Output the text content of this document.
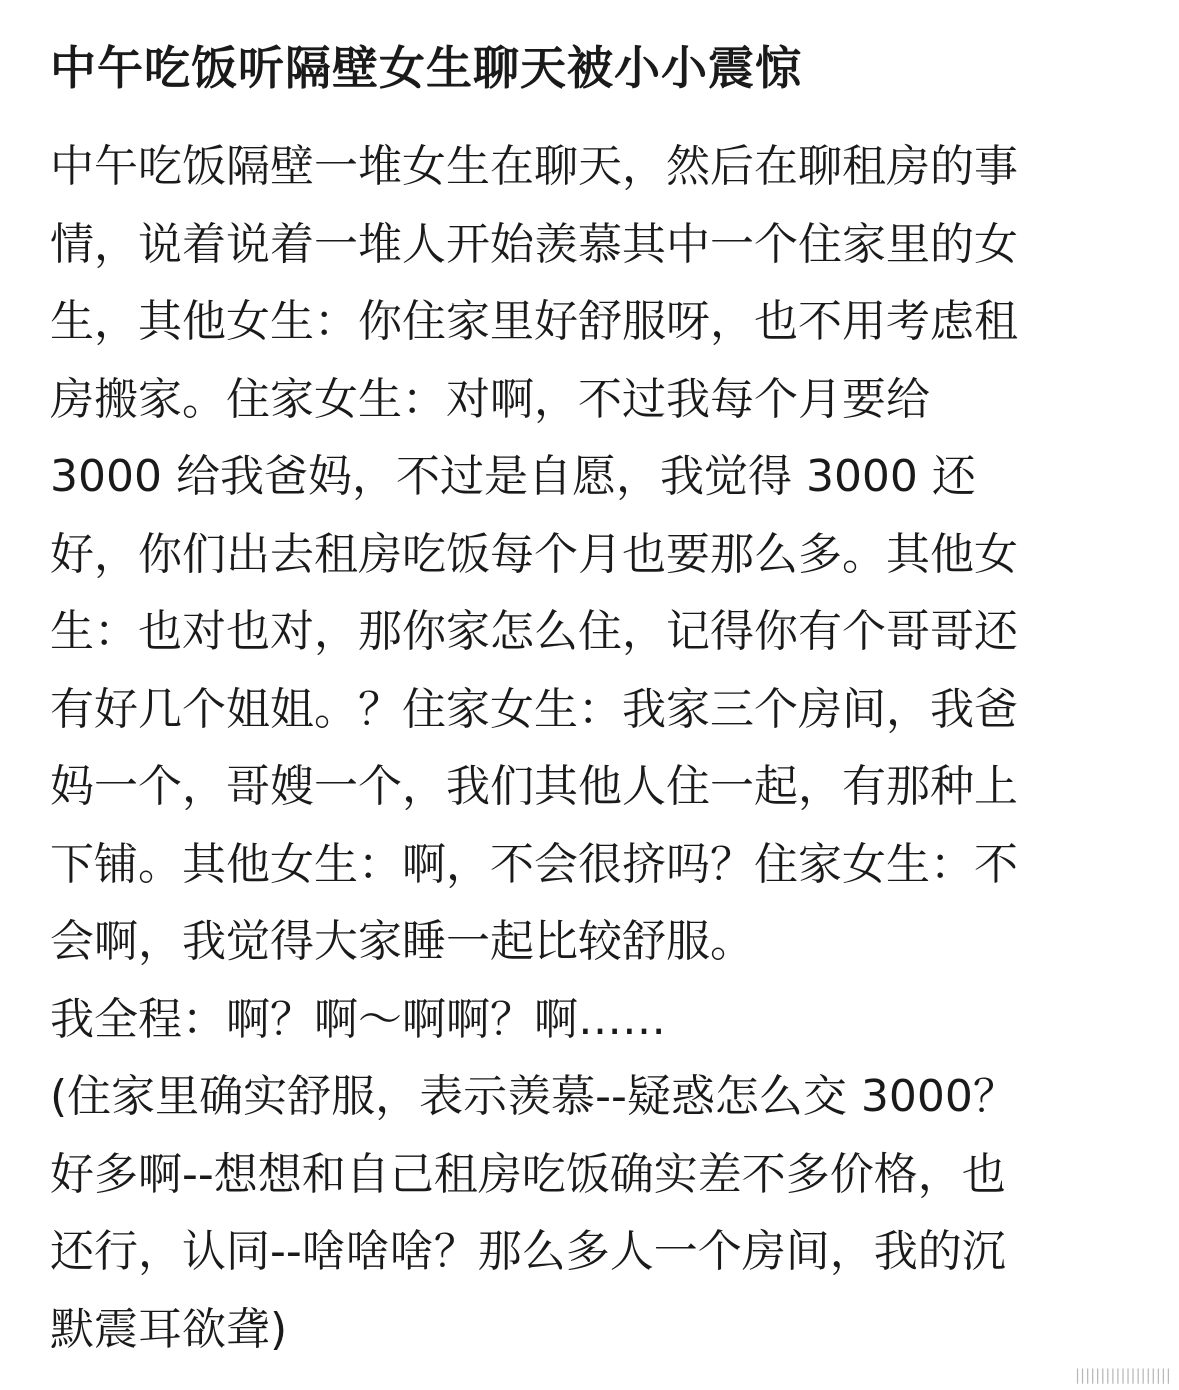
中午吃饭听隔壁女生聊天被小小震惊
中午吃饭隔壁一堆女生在聊天，然后在聊租房的事
情，说着说着一堆人开始羡慕其中一个住家里的女
生，其他女生：你住家里好舒服呀，也不用考虑租
房搬家。住家女生：对啊，不过我每个月要给
3000 给我爸妈，不过是自愿，我觉得 3000 还
好，你们出去租房吃饭每个月也要那么多。其他女
生：也对也对，那你家怎么住，记得你有个哥哥还
有好几个姐姐。？住家女生：我家三个房间，我爸
妈一个，哥嫂一个，我们其他人住一起，有那种上
下铺。其他女生：啊，不会很挤吗？住家女生：不
会啊，我觉得大家睡一起比较舒服。
我全程：啊？啊～啊啊？啊……
(住家里确实舒服，表示羡慕--疑惑怎么交 3000？
好多啊--想想和自己租房吃饭确实差不多价格，也
还行，认同--啥啥啥？那么多人一个房间，我的沉
默震耳欲聋)
|||||||||||||||||||
